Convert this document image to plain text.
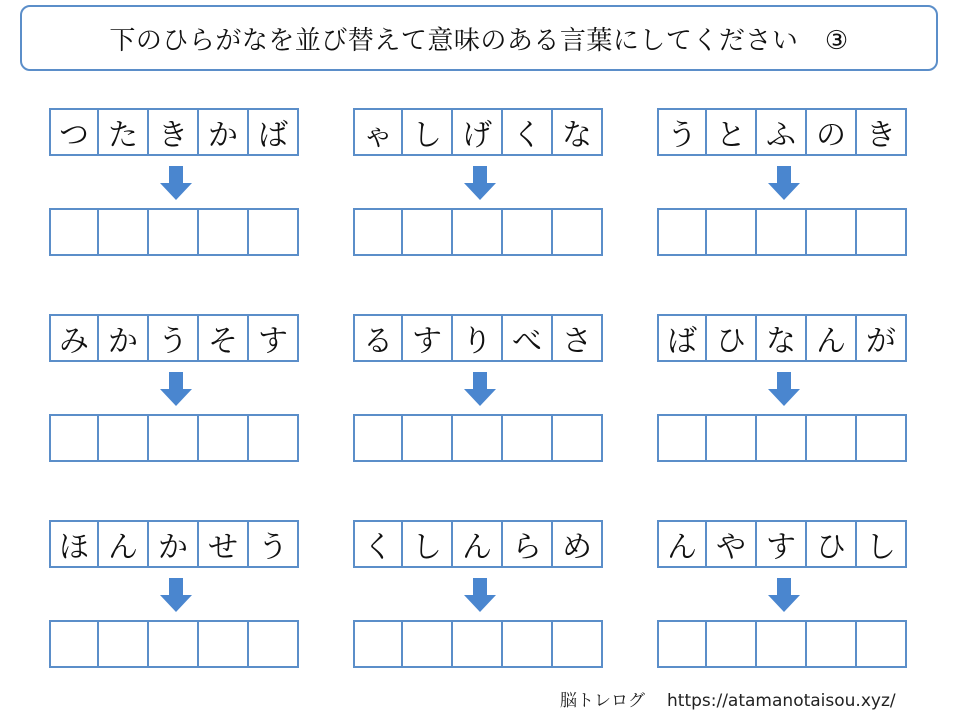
下のひらがなを並び替えて意味のある言葉にしてください　③
つ た き か ば	ゃ し げ く な	う と ふ の き
み か う そ す	る す り べ さ	ば ひ な ん が
ほ ん か せ う	く し ん ら め	ん や す ひ し
脳トレログ https://atamanotaisou.xyz/
